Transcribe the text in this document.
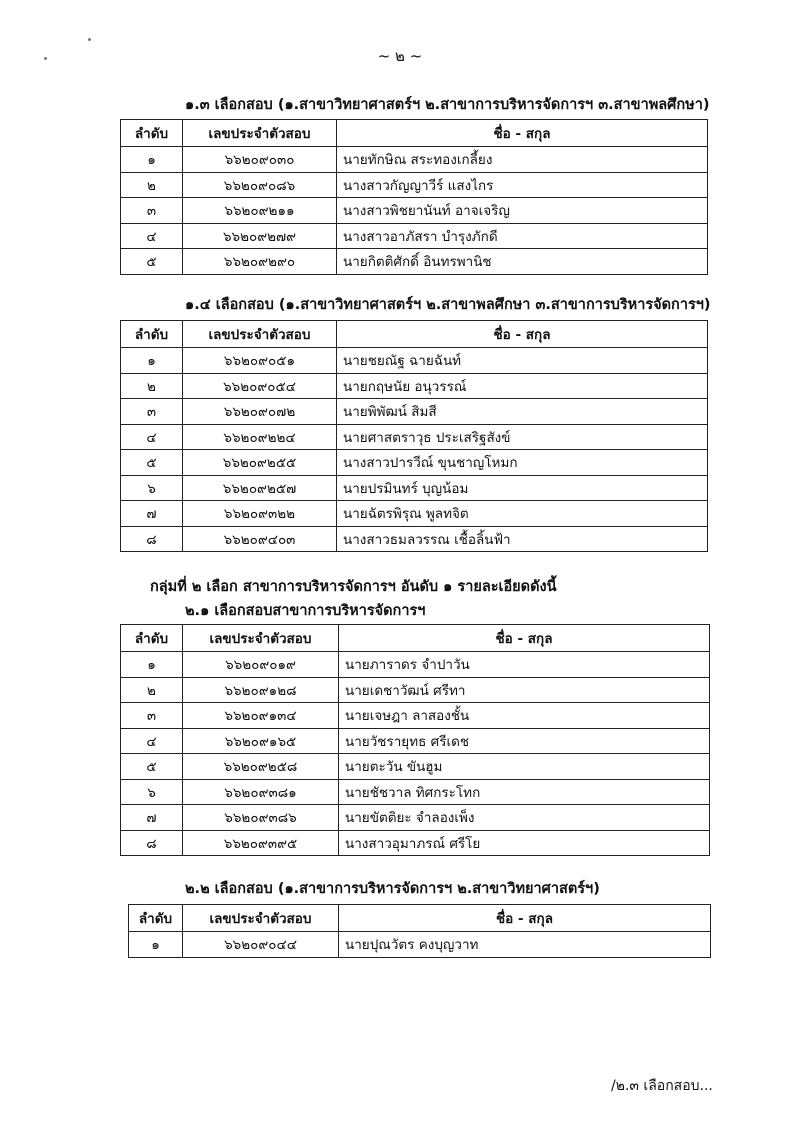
~ ๒ ~
๑.๓ เลือกสอบ (๑.สาขาวิทยาศาสตร์ฯ ๒.สาขาการบริหารจัดการฯ ๓.สาขาพลศึกษา)
ลำดับ	เลขประจำตัวสอบ	ชื่อ - สกุล
๑	๖๖๒๐๙๐๓๐	นายทักษิณ สระทองเกลี้ยง
๒	๖๖๒๐๙๐๘๖	นางสาวกัญญาวีร์ แสงไกร
๓	๖๖๒๐๙๒๑๑	นางสาวพิชยานันท์ อาจเจริญ
๔	๖๖๒๐๙๒๗๙	นางสาวอาภัสรา บำรุงภักดี
๕	๖๖๒๐๙๒๙๐	นายกิตติศักดิ์ อินทรพานิช
๑.๔ เลือกสอบ (๑.สาขาวิทยาศาสตร์ฯ ๒.สาขาพลศึกษา ๓.สาขาการบริหารจัดการฯ)
ลำดับ	เลขประจำตัวสอบ	ชื่อ - สกุล
๑	๖๖๒๐๙๐๕๑	นายชยณัฐ ฉายฉันท์
๒	๖๖๒๐๙๐๕๔	นายกฤษนัย อนุวรรณ์
๓	๖๖๒๐๙๐๗๒	นายพิพัฒน์ สิมสี
๔	๖๖๒๐๙๒๒๔	นายศาสตราวุธ ประเสริฐสังข์
๕	๖๖๒๐๙๒๕๕	นางสาวปารวีณ์ ขุนชาญโหมก
๖	๖๖๒๐๙๒๕๗	นายปรมินทร์ บุญน้อม
๗	๖๖๒๐๙๓๒๒	นายฉัตรพิรุณ พูลทจิต
๘	๖๖๒๐๙๔๐๓	นางสาวธมลวรรณ เชื้อลิ้นฟ้า
กลุ่มที่ ๒ เลือก สาขาการบริหารจัดการฯ อันดับ ๑ รายละเอียดดังนี้
๒.๑ เลือกสอบสาขาการบริหารจัดการฯ
ลำดับ	เลขประจำตัวสอบ	ชื่อ - สกุล
๑	๖๖๒๐๙๐๑๙	นายภาราดร จำปาวัน
๒	๖๖๒๐๙๑๒๘	นายเดชาวัฒน์ ศรีทา
๓	๖๖๒๐๙๑๓๔	นายเจษฎา ลาสองชั้น
๔	๖๖๒๐๙๑๖๕	นายวัชรายุทธ ศรีเดช
๕	๖๖๒๐๙๒๕๘	นายตะวัน ขันฮูม
๖	๖๖๒๐๙๓๘๑	นายชัชวาล ทิศกระโทก
๗	๖๖๒๐๙๓๘๖	นายขัตติยะ จำลองเพ็ง
๘	๖๖๒๐๙๓๙๕	นางสาวอุมาภรณ์ ศรีโย
๒.๒ เลือกสอบ (๑.สาขาการบริหารจัดการฯ ๒.สาขาวิทยาศาสตร์ฯ)
ลำดับ	เลขประจำตัวสอบ	ชื่อ - สกุล
๑	๖๖๒๐๙๐๔๔	นายปุณวัตร คงบุญวาท
/๒.๓ เลือกสอบ...
